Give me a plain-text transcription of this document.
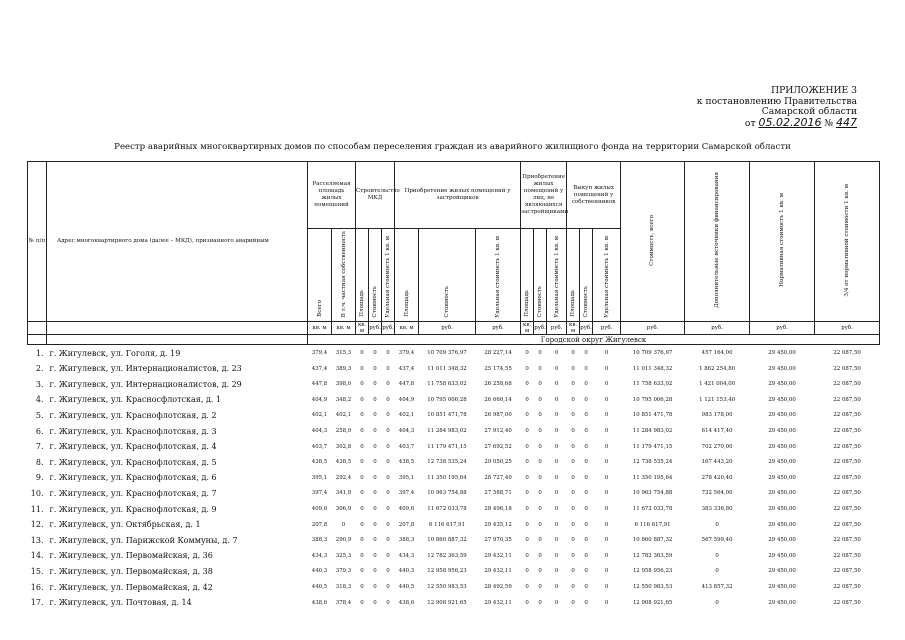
ПРИЛОЖЕНИЕ 3
к постановлению Правительства
Самарской области
от 05.02.2016 № 447
Реестр аварийных многоквартирных домов по способам переселения граждан из аварийного жилищного фонда на территории Самарской области
№ п/п	Адрес многоквартирного дома (далее – МКД), признанного аварийным	Расселяемая площадь жилых помещений		Строительство МКД			Приобретение жилых помещений у застройщиков			Приобретение жилых помещений у лиц, не являющихся застройщиками			Выкуп жилых помещений у собственников			Стоимость, всего	Дополнительные источники финансирования	Нормативная стоимость 1 кв. м	3/4 от нормативной стоимости 1 кв. м
		Всего	В т.ч. частная собственность	Площадь	Стоимость	Удельная стоимость 1 кв. м	Площадь	Стоимость	Удельная стоимость 1 кв. м	Площадь	Стоимость	Удельная стоимость 1 кв. м	Площадь	Стоимость	Удельная стоимость 1 кв. м				
		кв. м	кв. м	кв. м	руб.	руб.	кв. м	руб.	руб.	кв. м	руб.	руб.	кв. м	руб.	руб.	руб.	руб.	руб.	руб.
		Городской округ Жигулевск																	
1.	г. Жигулевск, ул. Гоголя, д. 19	379,4	315,3	0	0	0	379,4	10 709 376,97	28 227,14	0	0	0	0	0	0	10 709 376,97	457 164,00	29 450,00	22 087,50
2.	г. Жигулевск, ул. Интернационалистов, д. 23	437,4	389,3	0	0	0	437,4	11 011 348,32	25 174,55	0	0	0	0	0	0	11 011 348,32	1 862 254,80	29 450,00	22 087,50
3.	г. Жигулевск, ул. Интернационалистов, д. 29	447,8	398,0	0	0	0	447,8	11 758 633,02	26 258,68	0	0	0	0	0	0	11 758 633,02	1 421 004,00	29 450,00	22 087,50
4.	г. Жигулевск, ул. Красносфлотская, д. 1	404,9	348,2	0	0	0	404,9	10 795 006,28	26 660,14	0	0	0	0	0	0	10 795 006,28	1 121 153,40	29 450,00	22 087,50
5.	г. Жигулевск, ул. Краснофлотская, д. 2	402,1	402,1	0	0	0	402,1	10 851 471,78	26 987,00	0	0	0	0	0	0	10 851 471,78	983 178,00	29 450,00	22 087,50
6.	г. Жигулевск, ул. Краснофлотская, д. 3	404,3	258,9	0	0	0	404,3	11 284 983,02	27 912,40	0	0	0	0	0	0	11 284 983,02	614 417,40	29 450,00	22 087,50
7.	г. Жигулевск, ул. Краснофлотская, д. 4	403,7	302,8	0	0	0	403,7	11 179 471,15	27 692,52	0	0	0	0	0	0	11 179 471,15	702 270,00	29 450,00	22 087,50
8.	г. Жигулевск, ул. Краснофлотская, д. 5	438,5	438,5	0	0	0	438,5	12 738 535,24	29 050,25	0	0	0	0	0	0	12 738 535,24	167 443,20	29 450,00	22 087,50
9.	г. Жигулевск, ул. Краснофлотская, д. 6	395,1	292,4	0	0	0	395,1	11 350 195,64	28 727,40	0	0	0	0	0	0	11 350 195,64	278 420,40	29 450,00	22 087,50
10.	г. Жигулевск, ул. Краснофлотская, д. 7	397,4	341,9	0	0	0	397,4	10 963 754,88	27 588,71	0	0	0	0	0	0	10 963 754,88	732 564,00	29 450,00	22 087,50
11.	г. Жигулевск, ул. Краснофлотская, д. 9	409,6	306,9	0	0	0	409,6	11 672 033,78	28 496,18	0	0	0	0	0	0	11 672 033,78	383 336,80	29 450,00	22 087,50
12.	г. Жигулевск, ул. Октябрьская, д. 1	207,8	0	0	0	0	207,8	6 116 617,91	29 435,12	0	0	0	0	0	0	6 116 617,91	0	29 450,00	22 087,50
13.	г. Жигулевск, ул. Парижской Коммуны, д. 7	388,3	290,9	0	0	0	388,3	10 860 887,32	27 970,35	0	0	0	0	0	0	10 860 887,32	567 599,40	29 450,00	22 087,50
14.	г. Жигулевск, ул. Первомайская, д. 36	434,3	325,3	0	0	0	434,3	12 782 363,59	29 432,11	0	0	0	0	0	0	12 782 363,59	0	29 450,00	22 087,50
15.	г. Жигулевск, ул. Первомайская, д. 38	440,3	379,3	0	0	0	440,3	12 958 956,23	29 432,11	0	0	0	0	0	0	12 958 956,23	0	29 450,00	22 087,50
16.	г. Жигулевск, ул. Первомайская, д. 42	440,5	318,3	0	0	0	440,5	12 550 983,53	28 492,59	0	0	0	0	0	0	12 550 983,53	413 857,32	29 450,00	22 087,50
17.	г. Жигулевск, ул. Почтовая, д. 14	438,6	378,4	0	0	0	438,6	12 908 921,65	29 432,11	0	0	0	0	0	0	12 908 921,65	0	29 450,00	22 087,50
